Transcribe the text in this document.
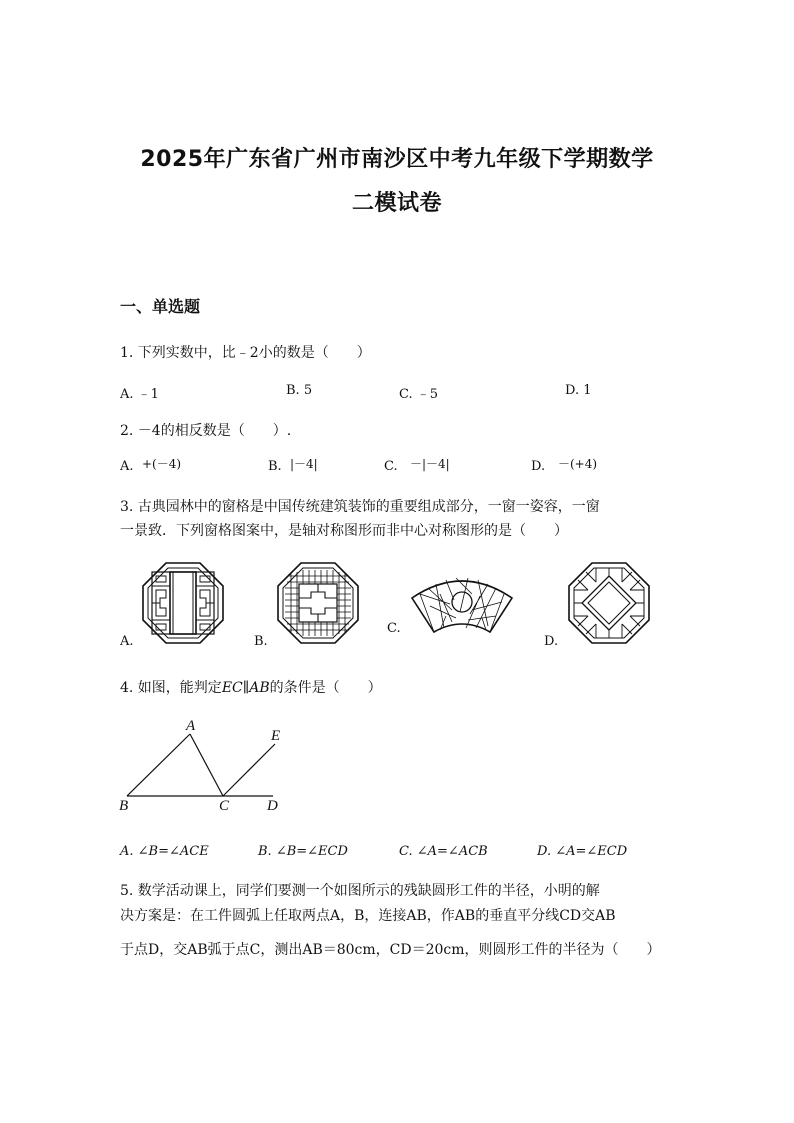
2025年广东省广州市南沙区中考九年级下学期数学
二模试卷
一、单选题
1. 下列实数中，比﹣2小的数是（　　）
A. ﹣1	B. 5	C. ﹣5	D. 1
2. －4的相反数是（　　）.
A. +(－4)	B. |－4|	C. －|－4|	D. －(+4)
3. 古典园林中的窗格是中国传统建筑装饰的重要组成部分，一窗一姿容，一窗
一景致．下列窗格图案中，是轴对称图形而非中心对称图形的是（　　）
A.	B.
C.
D.
4. 如图，能判定EC∥AB的条件是（　　）
A
B	C	D
E
A. ∠B=∠ACE	B. ∠B=∠ECD	C. ∠A=∠ACB	D. ∠A=∠ECD
5. 数学活动课上，同学们要测一个如图所示的残缺圆形工件的半径，小明的解
决方案是：在工件圆弧上任取两点A，B，连接AB，作AB的垂直平分线CD交AB
于点D，交AB弧于点C，测出AB＝80cm，CD＝20cm，则圆形工件的半径为（　　）
